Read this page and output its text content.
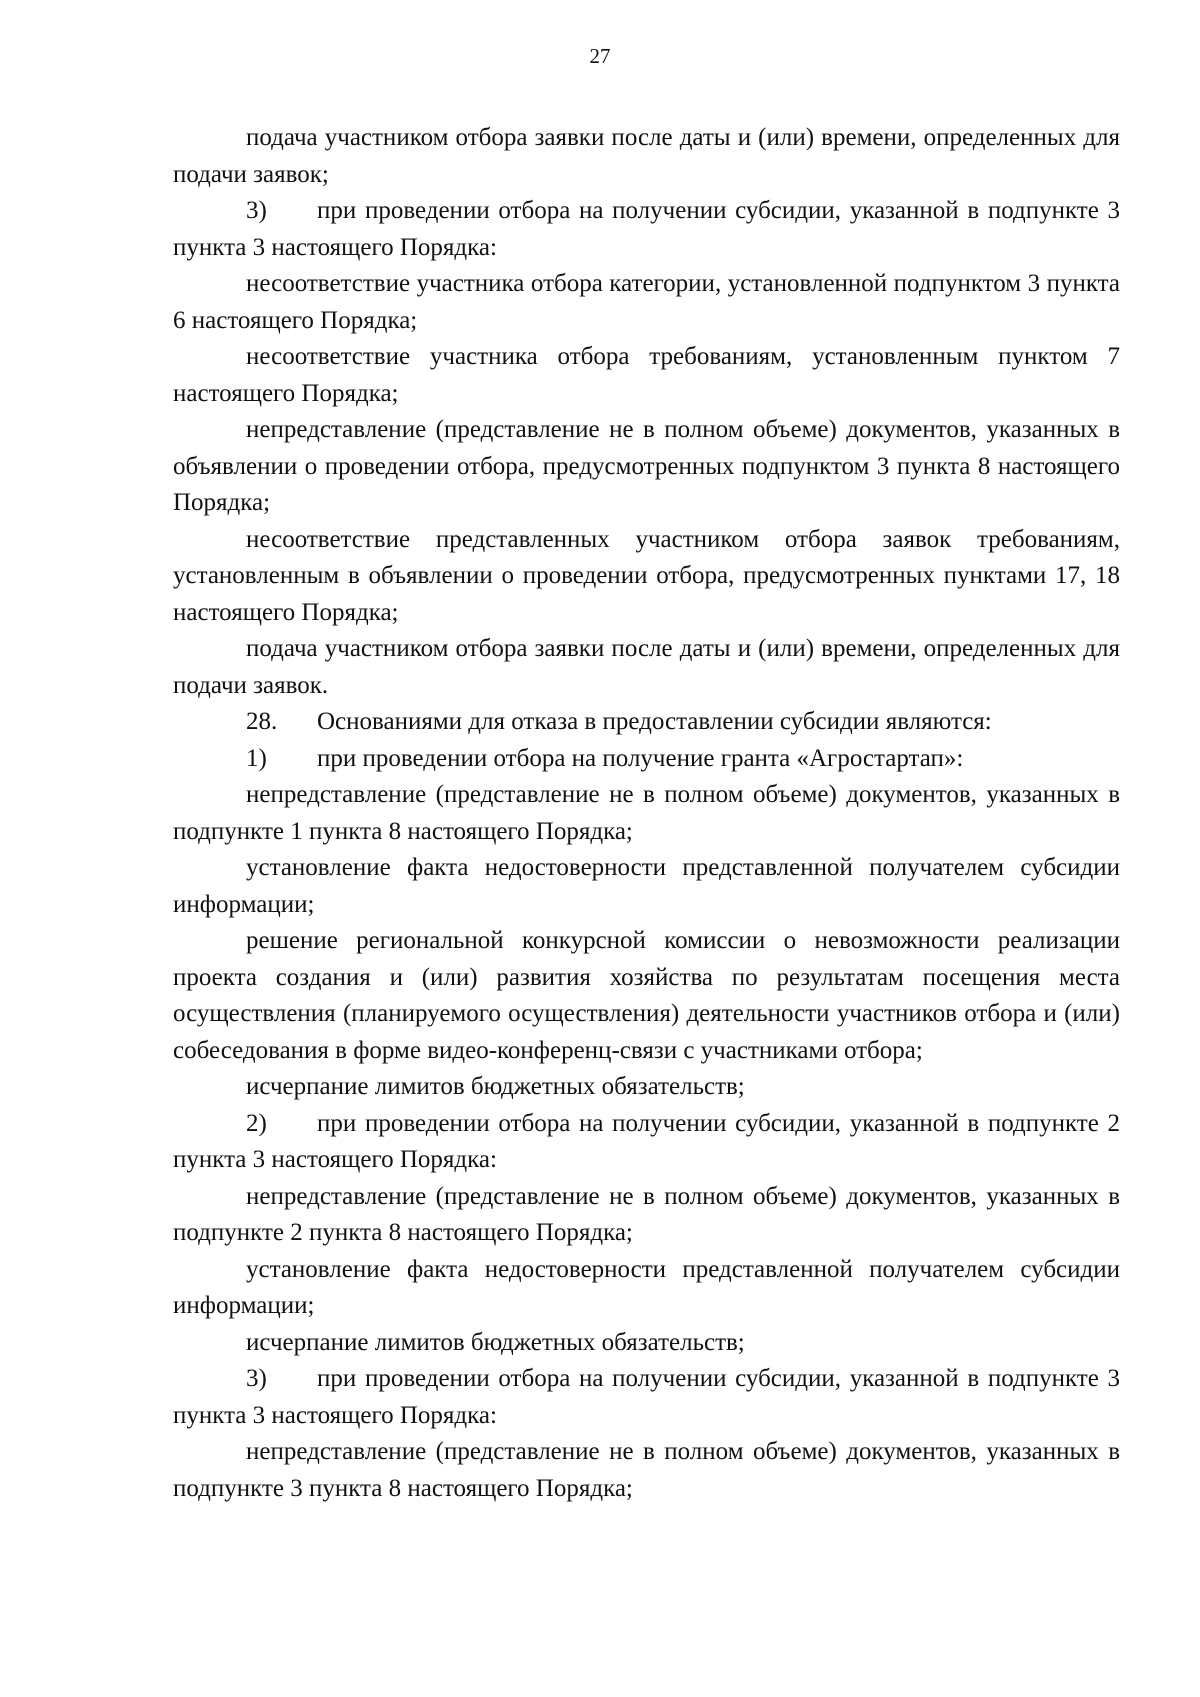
27

подача участником отбора заявки после даты и (или) времени, определенных для подачи заявок;

3) при проведении отбора на получении субсидии, указанной в подпункте 3 пункта 3 настоящего Порядка:

несоответствие участника отбора категории, установленной подпунктом 3 пункта 6 настоящего Порядка;

несоответствие участника отбора требованиям, установленным пунктом 7 настоящего Порядка;

непредставление (представление не в полном объеме) документов, указанных в объявлении о проведении отбора, предусмотренных подпунктом 3 пункта 8 настоящего Порядка;

несоответствие представленных участником отбора заявок требованиям, установленным в объявлении о проведении отбора, предусмотренных пунктами 17, 18 настоящего Порядка;

подача участником отбора заявки после даты и (или) времени, определенных для подачи заявок.

28. Основаниями для отказа в предоставлении субсидии являются:

1) при проведении отбора на получение гранта «Агростартап»:

непредставление (представление не в полном объеме) документов, указанных в подпункте 1 пункта 8 настоящего Порядка;

установление факта недостоверности представленной получателем субсидии информации;

решение региональной конкурсной комиссии о невозможности реализации проекта создания и (или) развития хозяйства по результатам посещения места осуществления (планируемого осуществления) деятельности участников отбора и (или) собеседования в форме видео-конференц-связи с участниками отбора;

исчерпание лимитов бюджетных обязательств;

2) при проведении отбора на получении субсидии, указанной в подпункте 2 пункта 3 настоящего Порядка:

непредставление (представление не в полном объеме) документов, указанных в подпункте 2 пункта 8 настоящего Порядка;

установление факта недостоверности представленной получателем субсидии информации;

исчерпание лимитов бюджетных обязательств;

3) при проведении отбора на получении субсидии, указанной в подпункте 3 пункта 3 настоящего Порядка:

непредставление (представление не в полном объеме) документов, указанных в подпункте 3 пункта 8 настоящего Порядка;
